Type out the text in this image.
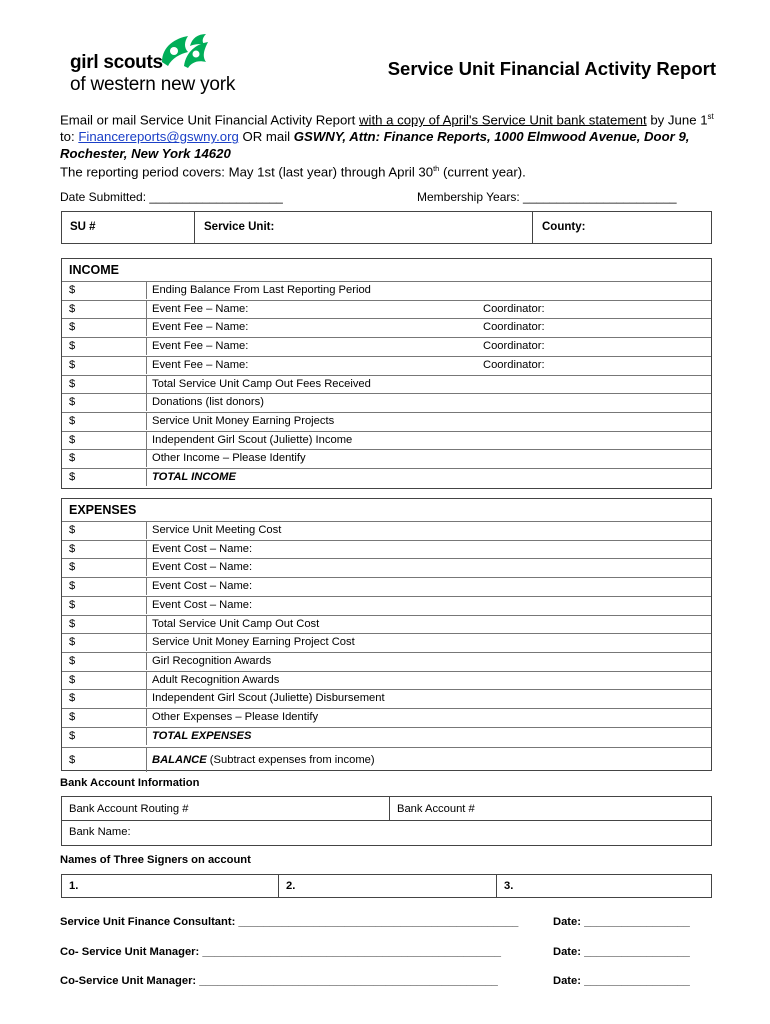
girl scouts
of western new york
Service Unit Financial Activity Report
Email or mail Service Unit Financial Activity Report with a copy of April's Service Unit bank statement by June 1st to: Financereports@gswny.org OR mail GSWNY, Attn: Finance Reports, 1000 Elmwood Avenue, Door 9, Rochester, New York 14620
The reporting period covers: May 1st (last year) through April 30th (current year).
Date Submitted: ____________________	Membership Years: _______________________
SU #	Service Unit:	County:
INCOME
$	Ending Balance From Last Reporting Period
$	Event Fee – Name:	Coordinator:
$	Event Fee – Name:	Coordinator:
$	Event Fee – Name:	Coordinator:
$	Event Fee – Name:	Coordinator:
$	Total Service Unit Camp Out Fees Received
$	Donations (list donors)
$	Service Unit Money Earning Projects
$	Independent Girl Scout (Juliette) Income
$	Other Income – Please Identify
$	TOTAL INCOME
EXPENSES
$	Service Unit Meeting Cost
$	Event Cost – Name:
$	Event Cost – Name:
$	Event Cost – Name:
$	Event Cost – Name:
$	Total Service Unit Camp Out Cost
$	Service Unit Money Earning Project Cost
$	Girl Recognition Awards
$	Adult Recognition Awards
$	Independent Girl Scout (Juliette) Disbursement
$	Other Expenses – Please Identify
$	TOTAL EXPENSES
$	BALANCE (Subtract expenses from income)
Bank Account Information
Bank Account Routing #	Bank Account #
Bank Name:
Names of Three Signers on account
1.	2.	3.
Service Unit Finance Consultant: _____________________________________________	Date: _________________
Co- Service Unit Manager: ________________________________________________	Date: _________________
Co-Service Unit Manager: ________________________________________________	Date: _________________
